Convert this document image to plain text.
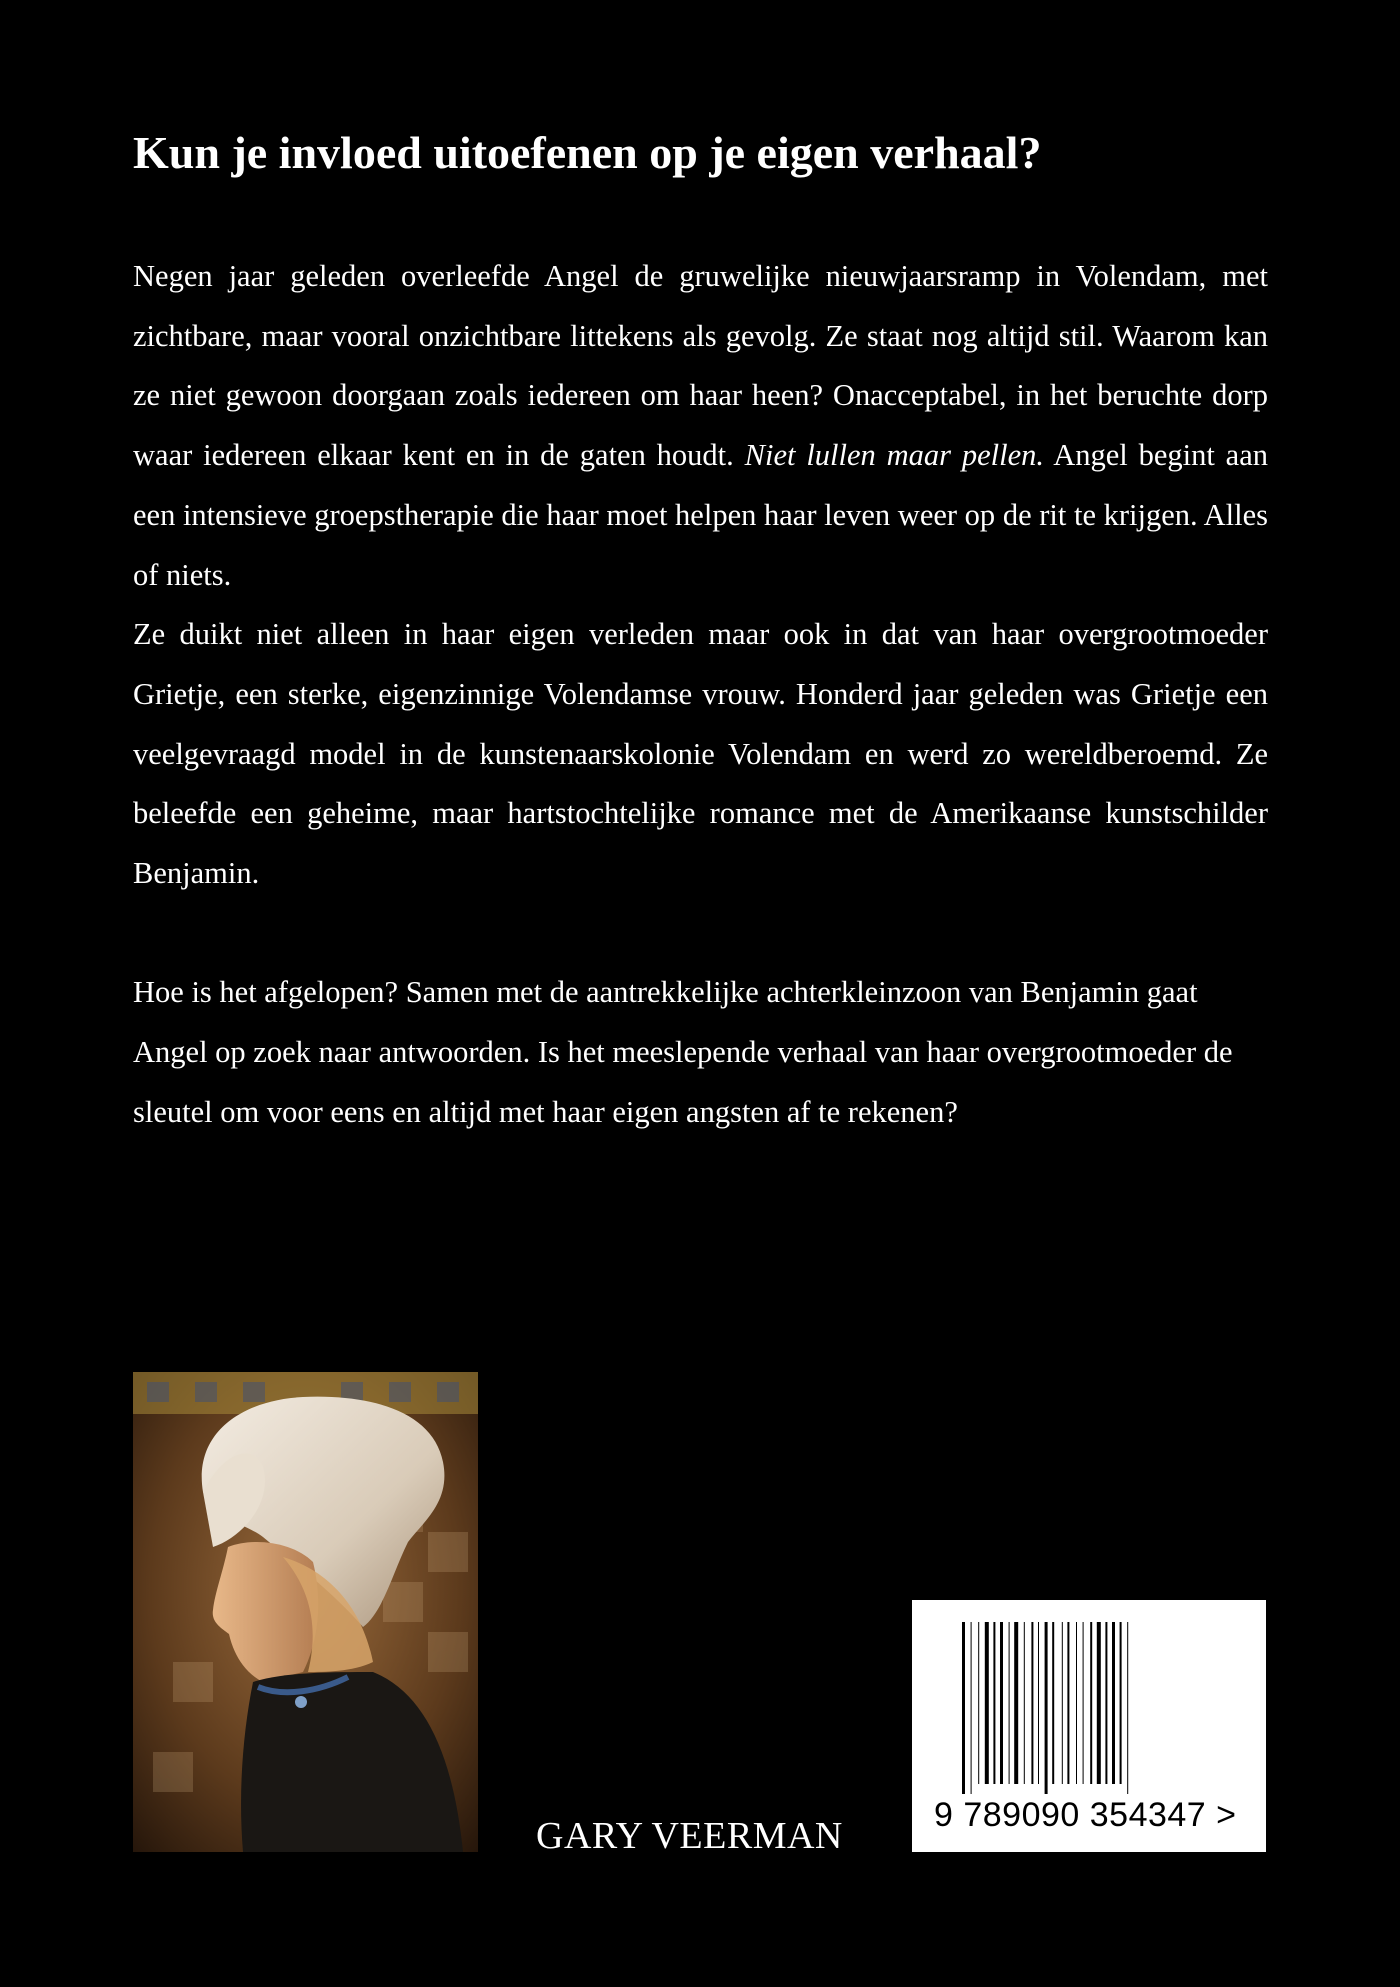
Kun je invloed uitoefenen op je eigen verhaal?

Negen jaar geleden overleefde Angel de gruwelijke nieuwjaarsramp in Volendam, met zichtbare, maar vooral onzichtbare littekens als gevolg. Ze staat nog altijd stil. Waarom kan ze niet gewoon doorgaan zoals iedereen om haar heen? Onacceptabel, in het beruchte dorp waar iedereen elkaar kent en in de gaten houdt. Niet lullen maar pellen. Angel begint aan een intensieve groepstherapie die haar moet helpen haar leven weer op de rit te krijgen. Alles of niets.

Ze duikt niet alleen in haar eigen verleden maar ook in dat van haar overgrootmoeder Grietje, een sterke, eigenzinnige Volendamse vrouw. Honderd jaar geleden was Grietje een veelgevraagd model in de kunstenaarskolonie Volendam en werd zo wereldberoemd. Ze beleefde een geheime, maar hartstochtelijke romance met de Amerikaanse kunstschilder Benjamin.

Hoe is het afgelopen? Samen met de aantrekkelijke achterkleinzoon van Benjamin gaat Angel op zoek naar antwoorden. Is het meeslepende verhaal van haar overgrootmoeder de sleutel om voor eens en altijd met haar eigen angsten af te rekenen?

GARY VEERMAN	9 789090 354347 >
